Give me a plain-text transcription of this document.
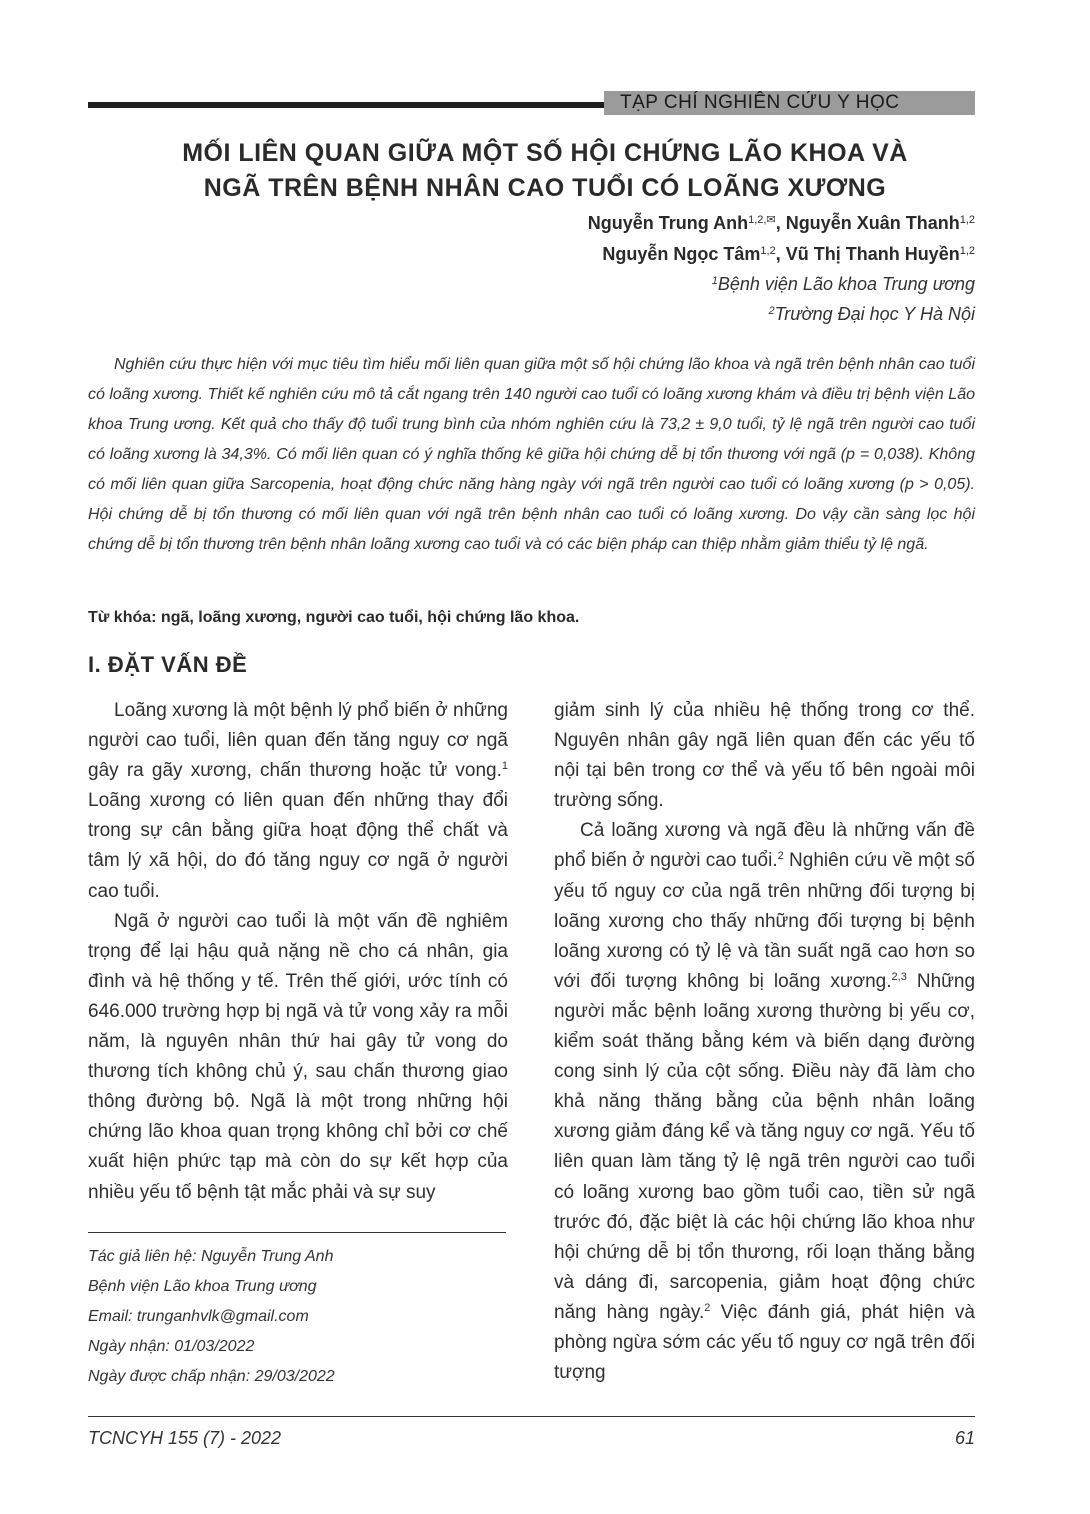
TẠP CHÍ NGHIÊN CỨU Y HỌC
MỐI LIÊN QUAN GIỮA MỘT SỐ HỘI CHỨNG LÃO KHOA VÀ
NGÃ TRÊN BỆNH NHÂN CAO TUỔI CÓ LOÃNG XƯƠNG
Nguyễn Trung Anh$^{1,2,✉}$, Nguyễn Xuân Thanh$^{1,2}$
Nguyễn Ngọc Tâm$^{1,2}$, Vũ Thị Thanh Huyền$^{1,2}$
$^1$Bệnh viện Lão khoa Trung ương
$^2$Trường Đại học Y Hà Nội

Nghiên cứu thực hiện với mục tiêu tìm hiểu mối liên quan giữa một số hội chứng lão khoa và ngã trên bệnh nhân cao tuổi có loãng xương. Thiết kế nghiên cứu mô tả cắt ngang trên 140 người cao tuổi có loãng xương khám và điều trị bệnh viện Lão khoa Trung ương. Kết quả cho thấy độ tuổi trung bình của nhóm nghiên cứu là 73,2 ± 9,0 tuổi, tỷ lệ ngã trên người cao tuổi có loãng xương là 34,3%. Có mối liên quan có ý nghĩa thống kê giữa hội chứng dễ bị tổn thương với ngã (p = 0,038). Không có mối liên quan giữa Sarcopenia, hoạt động chức năng hàng ngày với ngã trên người cao tuổi có loãng xương (p > 0,05). Hội chứng dễ bị tổn thương có mối liên quan với ngã trên bệnh nhân cao tuổi có loãng xương. Do vậy cần sàng lọc hội chứng dễ bị tổn thương trên bệnh nhân loãng xương cao tuổi và có các biện pháp can thiệp nhằm giảm thiểu tỷ lệ ngã.

Từ khóa: ngã, loãng xương, người cao tuổi, hội chứng lão khoa.
I. ĐẶT VẤN ĐỀ

Loãng xương là một bệnh lý phổ biến ở những người cao tuổi, liên quan đến tăng nguy cơ ngã gây ra gãy xương, chấn thương hoặc tử vong.$^1$ Loãng xương có liên quan đến những thay đổi trong sự cân bằng giữa hoạt động thể chất và tâm lý xã hội, do đó tăng nguy cơ ngã ở người cao tuổi.

Ngã ở người cao tuổi là một vấn đề nghiêm trọng để lại hậu quả nặng nề cho cá nhân, gia đình và hệ thống y tế. Trên thế giới, ước tính có 646.000 trường hợp bị ngã và tử vong xảy ra mỗi năm, là nguyên nhân thứ hai gây tử vong do thương tích không chủ ý, sau chấn thương giao thông đường bộ. Ngã là một trong những hội chứng lão khoa quan trọng không chỉ bởi cơ chế xuất hiện phức tạp mà còn do sự kết hợp của nhiều yếu tố bệnh tật mắc phải và sự suy

giảm sinh lý của nhiều hệ thống trong cơ thể. Nguyên nhân gây ngã liên quan đến các yếu tố nội tại bên trong cơ thể và yếu tố bên ngoài môi trường sống.

Cả loãng xương và ngã đều là những vấn đề phổ biến ở người cao tuổi.$^2$ Nghiên cứu về một số yếu tố nguy cơ của ngã trên những đối tượng bị loãng xương cho thấy những đối tượng bị bệnh loãng xương có tỷ lệ và tần suất ngã cao hơn so với đối tượng không bị loãng xương.$^{2,3}$ Những người mắc bệnh loãng xương thường bị yếu cơ, kiểm soát thăng bằng kém và biến dạng đường cong sinh lý của cột sống. Điều này đã làm cho khả năng thăng bằng của bệnh nhân loãng xương giảm đáng kể và tăng nguy cơ ngã. Yếu tố liên quan làm tăng tỷ lệ ngã trên người cao tuổi có loãng xương bao gồm tuổi cao, tiền sử ngã trước đó, đặc biệt là các hội chứng lão khoa như hội chứng dễ bị tổn thương, rối loạn thăng bằng và dáng đi, sarcopenia, giảm hoạt động chức năng hàng ngày.$^2$ Việc đánh giá, phát hiện và phòng ngừa sớm các yếu tố nguy cơ ngã trên đối tượng

Tác giả liên hệ: Nguyễn Trung Anh
Bệnh viện Lão khoa Trung ương
Email: trunganhvlk@gmail.com
Ngày nhận: 01/03/2022
Ngày được chấp nhận: 29/03/2022
TCNCYH 155 (7) - 2022	61
